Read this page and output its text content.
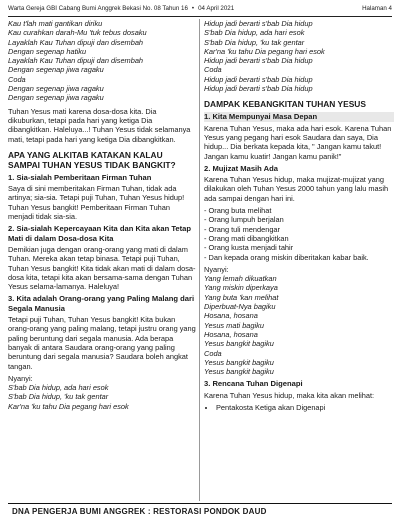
Warta Gereja GBI Cabang Bumi Anggrek Bekasi No. 08 Tahun 16 • 04 April 2021	Halaman 4
Kau t'lah mati gantikan diriku
Kau curahkan darah-Mu 'tuk tebus dosaku
Layaklah Kau Tuhan dipuji dan disembah
Dengan segenap hatiku
Layaklah Kau Tuhan dipuji dan disembah
Dengan segenap jiwa ragaku
Coda
Dengan segenap jiwa ragaku
Dengan segenap jiwa ragaku

Tuhan Yesus mati karena dosa-dosa kita. Dia dikuburkan, tetapi pada hari yang ketiga Dia dibangkitkan. Haleluya...! Tuhan Yesus tidak selamanya mati, tetapi pada hari yang ketiga Dia dibangkitkan.

APA YANG ALKITAB KATAKAN KALAU SAMPAI TUHAN YESUS TIDAK BANGKIT?
1. Sia-sialah Pemberitaan Firman Tuhan

Saya di sini memberitakan Firman Tuhan, tidak ada artinya; sia-sia. Tetapi puji Tuhan, Tuhan Yesus hidup! Tuhan Yesus bangkit! Pemberitaan Firman Tuhan menjadi tidak sia-sia.

2. Sia-sialah Kepercayaan Kita dan Kita akan Tetap Mati di dalam Dosa-dosa Kita

Demikian juga dengan orang-orang yang mati di dalam Tuhan. Mereka akan tetap binasa. Tetapi puji Tuhan, Tuhan Yesus bangkit! Kita tidak akan mati di dalam dosa-dosa kita, tetapi kita akan bersama-sama dengan Tuhan Yesus selama-lamanya. Haleluya!

3. Kita adalah Orang-orang yang Paling Malang dari Segala Manusia

Tetapi puji Tuhan, Tuhan Yesus bangkit! Kita bukan orang-orang yang paling malang, tetapi justru orang yang paling beruntung dari segala manusia. Ada berapa banyak di antara Saudara orang-orang yang paling beruntung dari segala manusia? Saudara boleh angkat tangan.

Nyanyi:
S'bab Dia hidup, ada hari esok
S'bab Dia hidup, 'ku tak gentar
Kar'na 'ku tahu Dia pegang hari esok
Hidup jadi berarti s'bab Dia hidup
S'bab Dia hidup, ada hari esok
S'bab Dia hidup, 'ku tak gentar
Kar'na 'ku tahu Dia pegang hari esok
Hidup jadi berarti s'bab Dia hidup
Coda
Hidup jadi berarti s'bab Dia hidup
Hidup jadi berarti s'bab Dia hidup
DAMPAK KEBANGKITAN TUHAN YESUS
1. Kita Mempunyai Masa Depan

Karena Tuhan Yesus, maka ada hari esok. Karena Tuhan Yesus yang pegang hari esok Saudara dan saya, Dia hidup... Dia berkata kepada kita, " Jangan kamu takut! Jangan kamu kuatir! Jangan kamu panik!"

2. Mujizat Masih Ada

Karena Tuhan Yesus hidup, maka mujizat-mujizat yang dilakukan oleh Tuhan Yesus 2000 tahun yang lalu masih ada sampai dengan hari ini.

- Orang buta melihat
- Orang lumpuh berjalan
- Orang tuli mendengar
- Orang mati dibangkitkan
- Orang kusta menjadi tahir
- Dan kepada orang miskin diberitakan kabar baik.
Nyanyi:
Yang lemah dikuatkan
Yang miskin diperkaya
Yang buta 'kan melihat
Diperbuat-Nya bagiku
Hosana, hosana
Yesus mati bagiku
Hosana, hosana
Yesus bangkit bagiku
Coda
Yesus bangkit bagiku
Yesus bangkit bagiku
3. Rencana Tuhan Digenapi

Karena Tuhan Yesus hidup, maka kita akan melihat:

• Pentakosta Ketiga akan Digenapi
DNA PENGERJA BUMI ANGGREK : RESTORASI PONDOK DAUD
